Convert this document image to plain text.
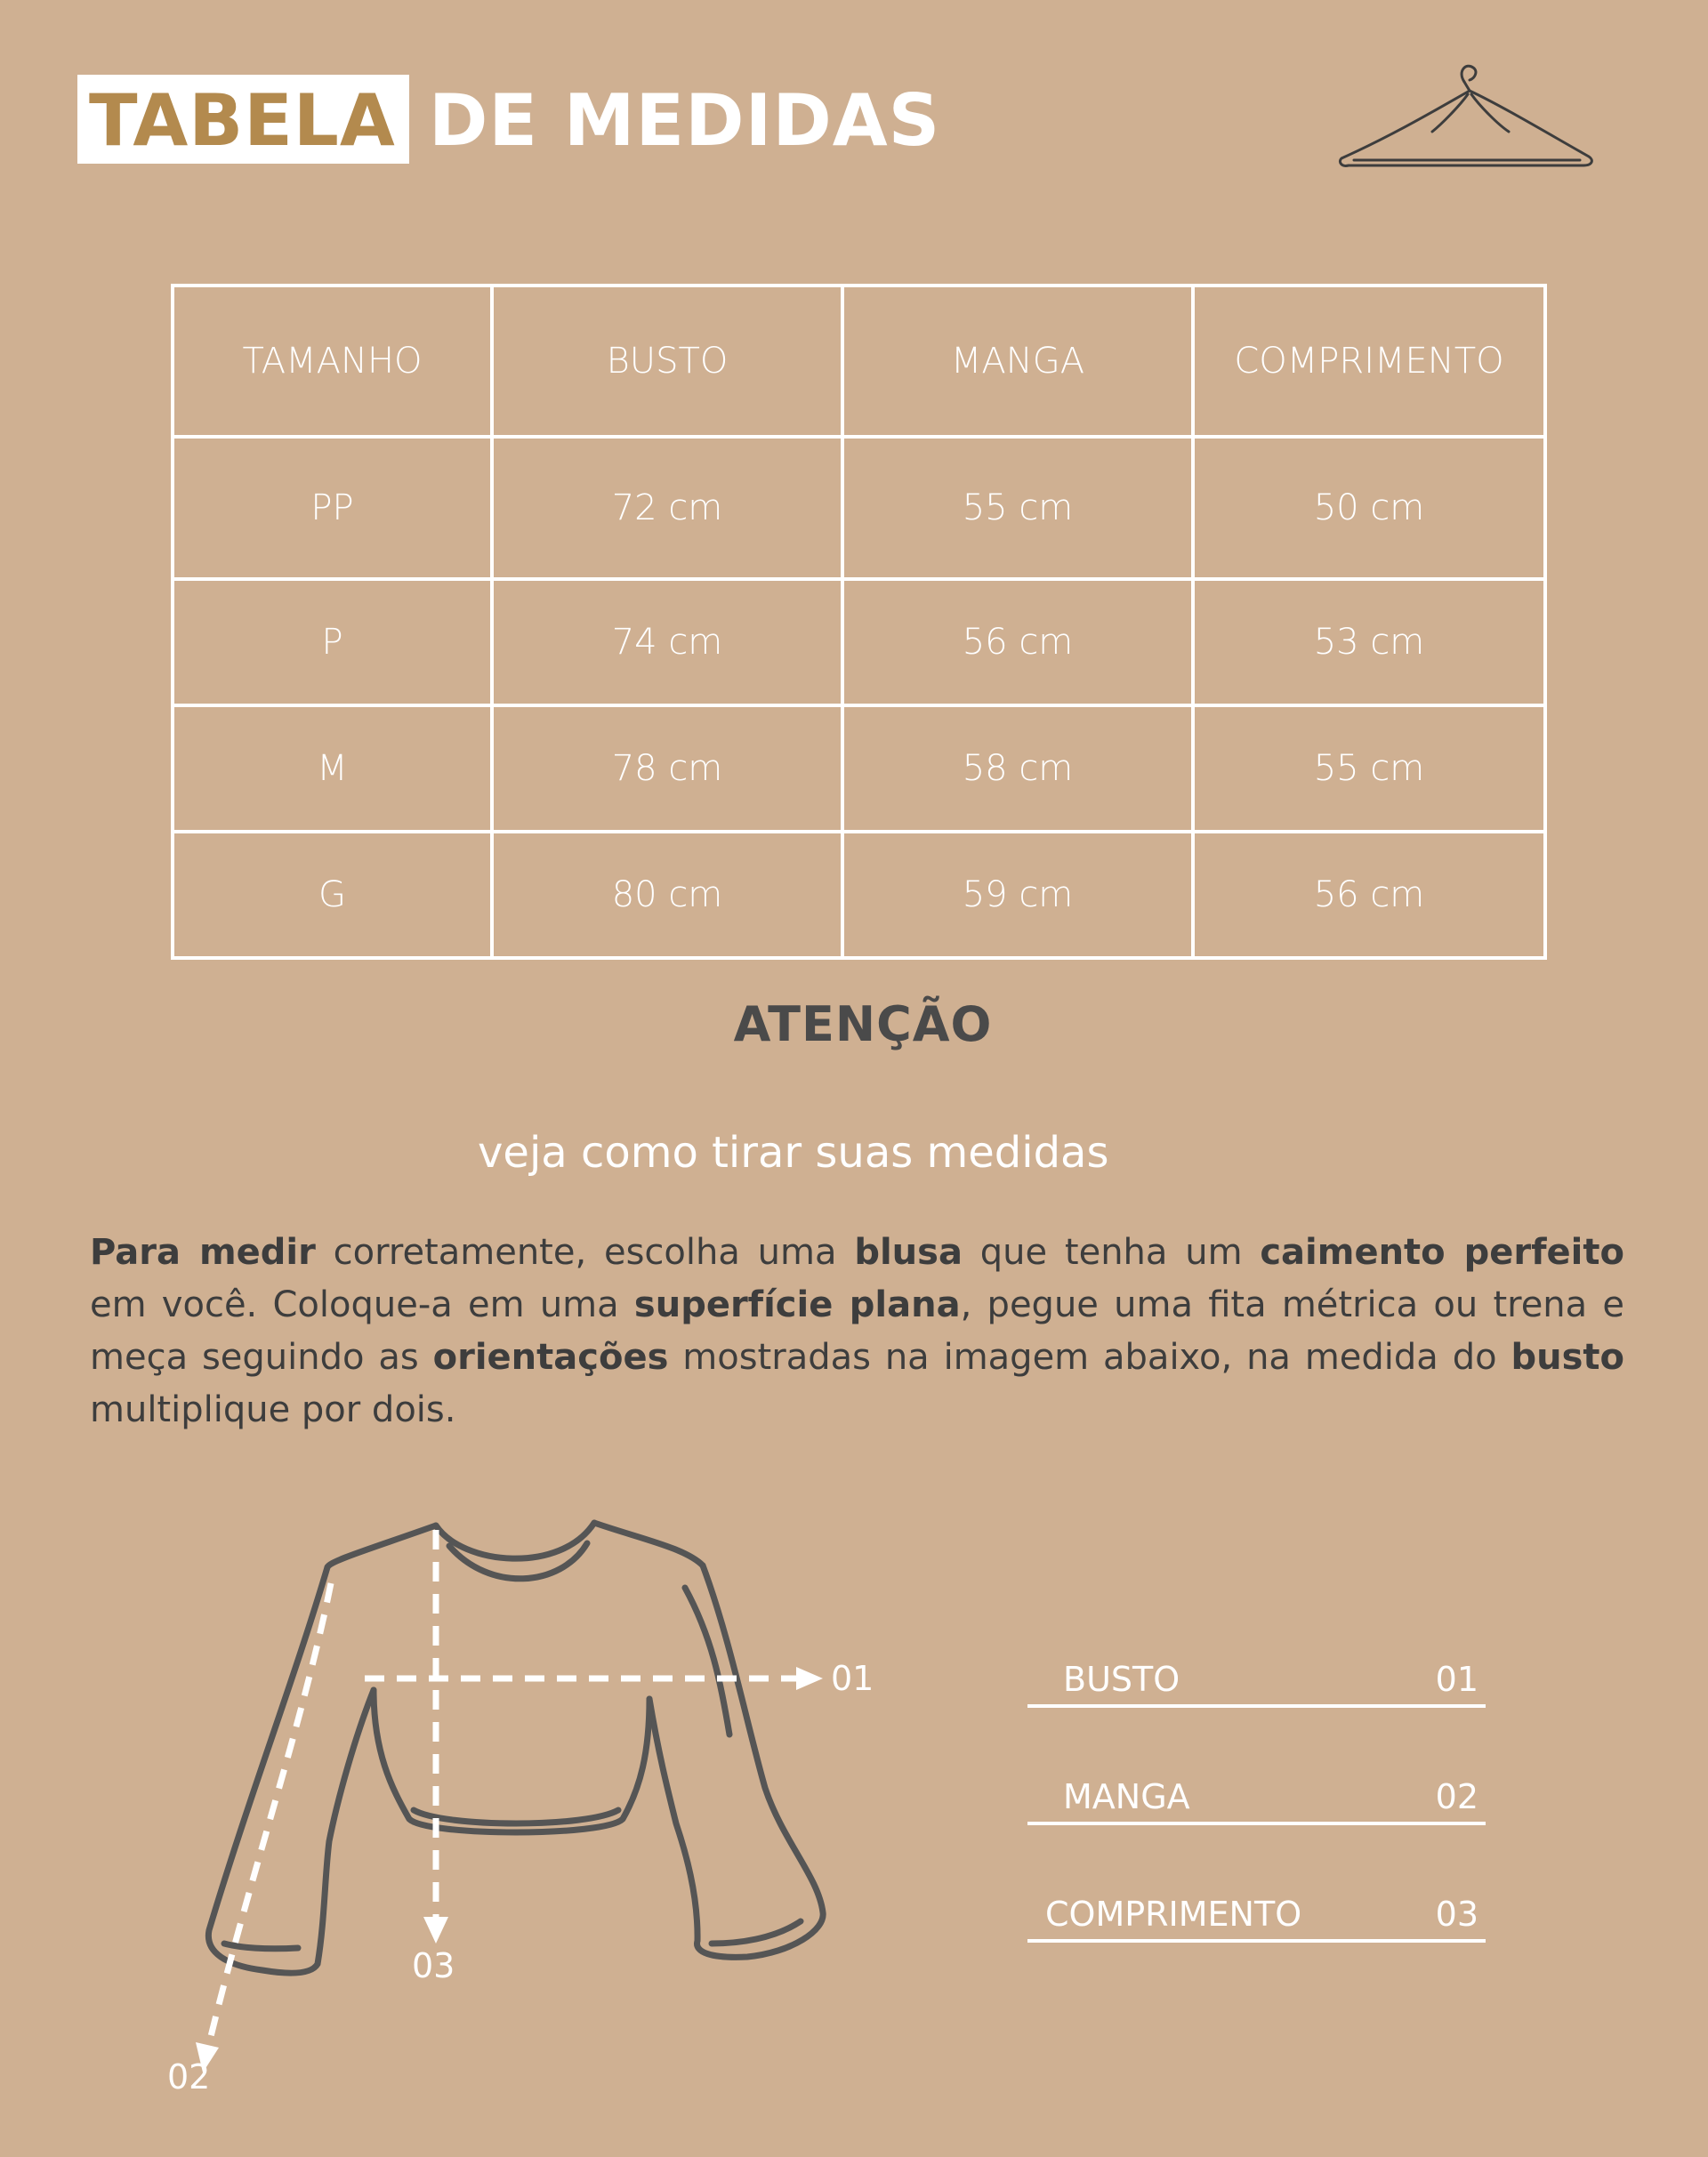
TABELA DE MEDIDAS
TAMANHO	BUSTO	MANGA	COMPRIMENTO
PP	72 cm	55 cm	50 cm
P	74 cm	56 cm	53 cm
M	78 cm	58 cm	55 cm
G	80 cm	59 cm	56 cm
ATENÇÃO
veja como tirar suas medidas
Para medir corretamente, escolha uma blusa que tenha um caimento perfeito em você. Coloque-a em uma superfície plana, pegue uma fita métrica ou trena e meça seguindo as orientações mostradas na imagem abaixo, na medida do busto multiplique por dois.
01
03
02
BUSTO	01
MANGA	02
COMPRIMENTO	03
